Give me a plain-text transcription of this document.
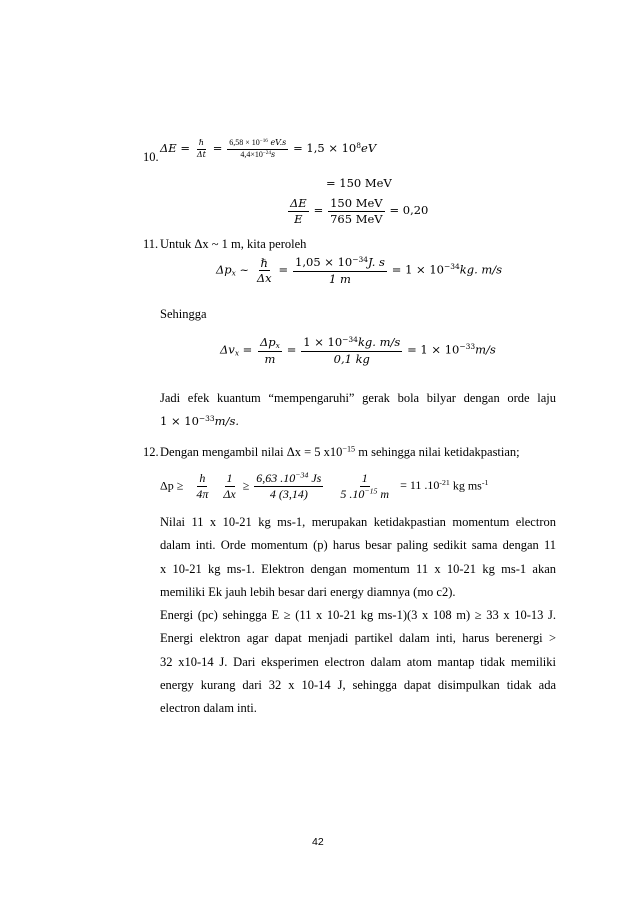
10.
$\Delta E = \frac{\text{ℏ}}{\Delta t} = \frac{6,58 \times 10^{-16} eV.s}{4,4\times 10^{-24}s} = 1,5 \times 10^8eV$
= 150 MeV
$\frac{\Delta E}{E} = \frac{\text{150 MeV}}{\text{765 MeV}} = 0,20$
11. Untuk Δx ~ 1 m, kita peroleh
$\Delta p_x$ ~ $\frac{\text{ℏ}}{\Delta x} = \frac{1,05 \times 10^{-34}J. s}{1 m} = 1 \times 10^{-34}kg$. m/s
Sehingga
$\Delta v_x = \frac{\Delta p_x}{m} = \frac{1 \times 10^{-34}kg. m/s}{0,1 kg} = 1 \times 10^{-33}m/s$
Jadi efek kuantum “mempengaruhi” gerak bola bilyar dengan orde laju
$1 \times 10^{-33}m/s$.
12. Dengan mengambil nilai Δx = 5 $x10^{-15}$ m sehingga nilai ketidakpastian;
$\Delta p \ge \frac{h}{4\pi}$
$\frac{1}{\Delta x} \ge \frac{6,63 .10^{-34} Js}{4 (3,14)}$
$\frac{1}{5 .10^{-15} m} = 11$ $.10^{-21}$ kg $ms^{-1}$
Nilai 11 x 10-21 kg ms-1, merupakan ketidakpastian momentum electron
dalam inti. Orde momentum (p) harus besar paling sedikit sama dengan 11
x 10-21 kg ms-1. Elektron dengan momentum 11 x 10-21 kg ms-1 akan
memiliki Ek jauh lebih besar dari energy diamnya (mo c2).
Energi (pc) sehingga E ≥ (11 x 10-21 kg ms-1)(3 x 108 m) ≥ 33 x 10-13 J.
Energi elektron agar dapat menjadi partikel dalam inti, harus berenergi >
32 x10-14 J. Dari eksperimen electron dalam atom mantap tidak memiliki
energy kurang dari 32 x 10-14 J, sehingga dapat disimpulkan tidak ada
electron dalam inti.
42
